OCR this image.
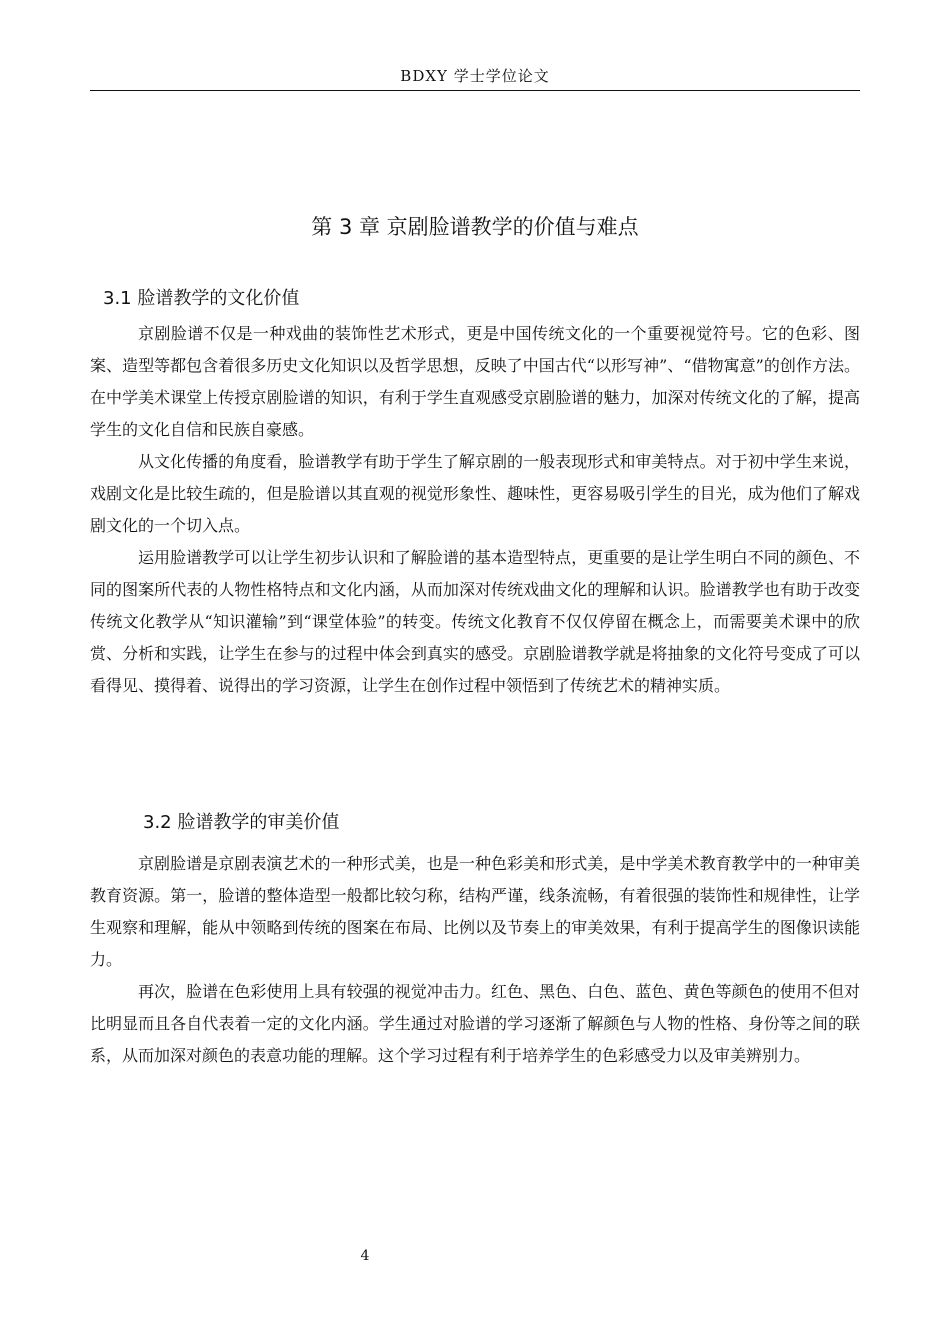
BDXY 学士学位论文
第 3 章 京剧脸谱教学的价值与难点
3.1 脸谱教学的文化价值

京剧脸谱不仅是一种戏曲的装饰性艺术形式，更是中国传统文化的一个重要视觉符号。它的色彩、图案、造型等都包含着很多历史文化知识以及哲学思想，反映了中国古代“以形写神”、“借物寓意”的创作方法。在中学美术课堂上传授京剧脸谱的知识，有利于学生直观感受京剧脸谱的魅力，加深对传统文化的了解，提高学生的文化自信和民族自豪感。

从文化传播的角度看，脸谱教学有助于学生了解京剧的一般表现形式和审美特点。对于初中学生来说，戏剧文化是比较生疏的，但是脸谱以其直观的视觉形象性、趣味性，更容易吸引学生的目光，成为他们了解戏剧文化的一个切入点。

运用脸谱教学可以让学生初步认识和了解脸谱的基本造型特点，更重要的是让学生明白不同的颜色、不同的图案所代表的人物性格特点和文化内涵，从而加深对传统戏曲文化的理解和认识。脸谱教学也有助于改变传统文化教学从“知识灌输”到“课堂体验”的转变。传统文化教育不仅仅停留在概念上，而需要美术课中的欣赏、分析和实践，让学生在参与的过程中体会到真实的感受。京剧脸谱教学就是将抽象的文化符号变成了可以看得见、摸得着、说得出的学习资源，让学生在创作过程中领悟到了传统艺术的精神实质。

3.2 脸谱教学的审美价值

京剧脸谱是京剧表演艺术的一种形式美，也是一种色彩美和形式美，是中学美术教育教学中的一种审美教育资源。第一，脸谱的整体造型一般都比较匀称，结构严谨，线条流畅，有着很强的装饰性和规律性，让学生观察和理解，能从中领略到传统的图案在布局、比例以及节奏上的审美效果，有利于提高学生的图像识读能力。

再次，脸谱在色彩使用上具有较强的视觉冲击力。红色、黑色、白色、蓝色、黄色等颜色的使用不但对比明显而且各自代表着一定的文化内涵。学生通过对脸谱的学习逐渐了解颜色与人物的性格、身份等之间的联系，从而加深对颜色的表意功能的理解。这个学习过程有利于培养学生的色彩感受力以及审美辨别力。

4
